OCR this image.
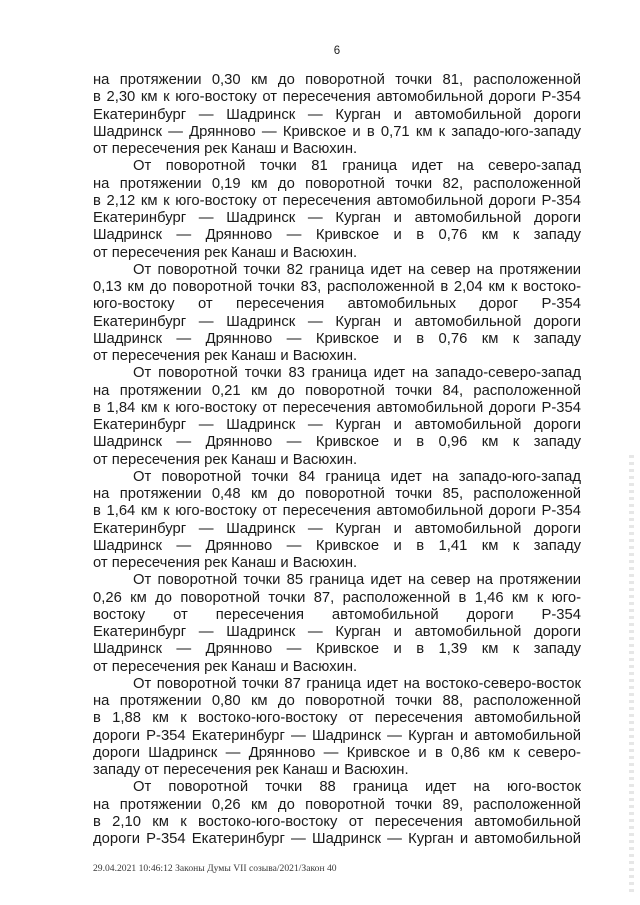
6
на протяжении 0,30 км до поворотной точки 81, расположенной
в 2,30 км к юго-востоку от пересечения автомобильной дороги Р-354
Екатеринбург — Шадринск — Курган и автомобильной дороги
Шадринск — Дрянново — Кривское и в 0,71 км к западо-юго-западу
от пересечения рек Канаш и Васюхин.
От поворотной точки 81 граница идет на северо-запад
на протяжении 0,19 км до поворотной точки 82, расположенной
в 2,12 км к юго-востоку от пересечения автомобильной дороги Р-354
Екатеринбург — Шадринск — Курган и автомобильной дороги
Шадринск — Дрянново — Кривское и в 0,76 км к западу
от пересечения рек Канаш и Васюхин.
От поворотной точки 82 граница идет на север на протяжении
0,13 км до поворотной точки 83, расположенной в 2,04 км к востоко-
юго-востоку от пересечения автомобильных дорог Р-354
Екатеринбург — Шадринск — Курган и автомобильной дороги
Шадринск — Дрянново — Кривское и в 0,76 км к западу
от пересечения рек Канаш и Васюхин.
От поворотной точки 83 граница идет на западо-северо-запад
на протяжении 0,21 км до поворотной точки 84, расположенной
в 1,84 км к юго-востоку от пересечения автомобильной дороги Р-354
Екатеринбург — Шадринск — Курган и автомобильной дороги
Шадринск — Дрянново — Кривское и в 0,96 км к западу
от пересечения рек Канаш и Васюхин.
От поворотной точки 84 граница идет на западо-юго-запад
на протяжении 0,48 км до поворотной точки 85, расположенной
в 1,64 км к юго-востоку от пересечения автомобильной дороги Р-354
Екатеринбург — Шадринск — Курган и автомобильной дороги
Шадринск — Дрянново — Кривское и в 1,41 км к западу
от пересечения рек Канаш и Васюхин.
От поворотной точки 85 граница идет на север на протяжении
0,26 км до поворотной точки 87, расположенной в 1,46 км к юго-
востоку от пересечения автомобильной дороги Р-354
Екатеринбург — Шадринск — Курган и автомобильной дороги
Шадринск — Дрянново — Кривское и в 1,39 км к западу
от пересечения рек Канаш и Васюхин.
От поворотной точки 87 граница идет на востоко-северо-восток
на протяжении 0,80 км до поворотной точки 88, расположенной
в 1,88 км к востоко-юго-востоку от пересечения автомобильной
дороги Р-354 Екатеринбург — Шадринск — Курган и автомобильной
дороги Шадринск — Дрянново — Кривское и в 0,86 км к северо-
западу от пересечения рек Канаш и Васюхин.
От поворотной точки 88 граница идет на юго-восток
на протяжении 0,26 км до поворотной точки 89, расположенной
в 2,10 км к востоко-юго-востоку от пересечения автомобильной
дороги Р-354 Екатеринбург — Шадринск — Курган и автомобильной
29.04.2021 10:46:12 Законы Думы VII созыва/2021/Закон 40
